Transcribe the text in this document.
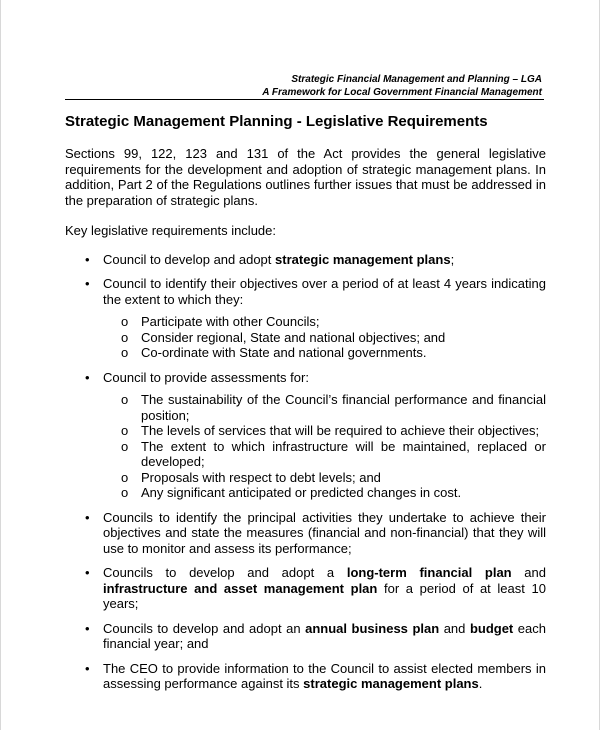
Strategic Financial Management and Planning – LGA
A Framework for Local Government Financial Management
Strategic Management Planning - Legislative Requirements

Sections 99, 122, 123 and 131 of the Act provides the general legislative requirements for the development and adoption of strategic management plans. In addition, Part 2 of the Regulations outlines further issues that must be addressed in the preparation of strategic plans.

Key legislative requirements include:

• Council to develop and adopt strategic management plans;
• Council to identify their objectives over a period of at least 4 years indicating the extent to which they:
o Participate with other Councils;
o Consider regional, State and national objectives; and
o Co-ordinate with State and national governments.
• Council to provide assessments for:
o The sustainability of the Council’s financial performance and financial position;
o The levels of services that will be required to achieve their objectives;
o The extent to which infrastructure will be maintained, replaced or developed;
o Proposals with respect to debt levels; and
o Any significant anticipated or predicted changes in cost.
• Councils to identify the principal activities they undertake to achieve their objectives and state the measures (financial and non-financial) that they will use to monitor and assess its performance;
• Councils to develop and adopt a long-term financial plan and infrastructure and asset management plan for a period of at least 10 years;
• Councils to develop and adopt an annual business plan and budget each financial year; and
• The CEO to provide information to the Council to assist elected members in assessing performance against its strategic management plans.
